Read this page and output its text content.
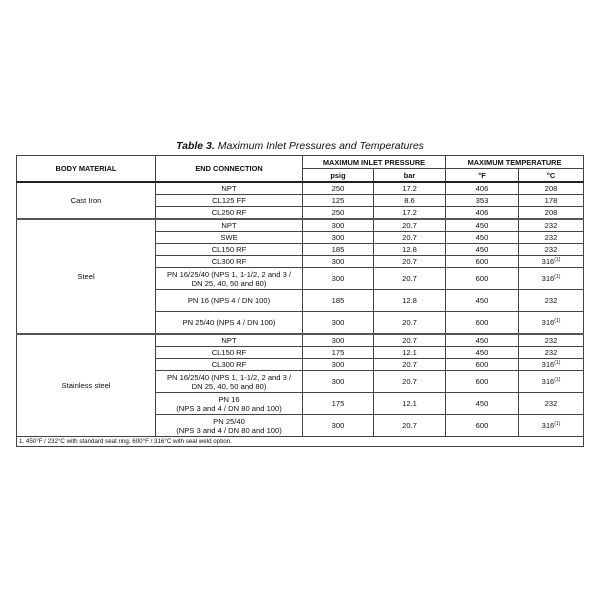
Table 3. Maximum Inlet Pressures and Temperatures
BODY MATERIAL	END CONNECTION	MAXIMUM INLET PRESSURE		MAXIMUM TEMPERATURE	
		psig	bar	°F	°C
Cast Iron	NPT	250	17.2	406	208
	CL125 FF	125	8.6	353	178
	CL250 RF	250	17.2	406	208
Steel	NPT	300	20.7	450	232
	SWE	300	20.7	450	232
	CL150 RF	185	12.8	450	232
	CL300 RF	300	20.7	600	316$^{(1)}$
	PN 16/25/40 (NPS 1, 1-1/2, 2 and 3 /
DN 25, 40, 50 and 80)	300	20.7	600	316$^{(1)}$
	PN 16 (NPS 4 / DN 100)	185	12.8	450	232
	PN 25/40 (NPS 4 / DN 100)	300	20.7	600	316$^{(1)}$
Stainless steel	NPT	300	20.7	450	232
	CL150 RF	175	12.1	450	232
	CL300 RF	300	20.7	600	316$^{(1)}$
	PN 16/25/40 (NPS 1, 1-1/2, 2 and 3 /
DN 25, 40, 50 and 80)	300	20.7	600	316$^{(1)}$
	PN 16
(NPS 3 and 4 / DN 80 and 100)	175	12.1	450	232
	PN 25/40
(NPS 3 and 4 / DN 80 and 100)	300	20.7	600	316$^{(1)}$
1. 450°F / 232°C with standard seat ring, 600°F / 316°C with seal weld option.					
